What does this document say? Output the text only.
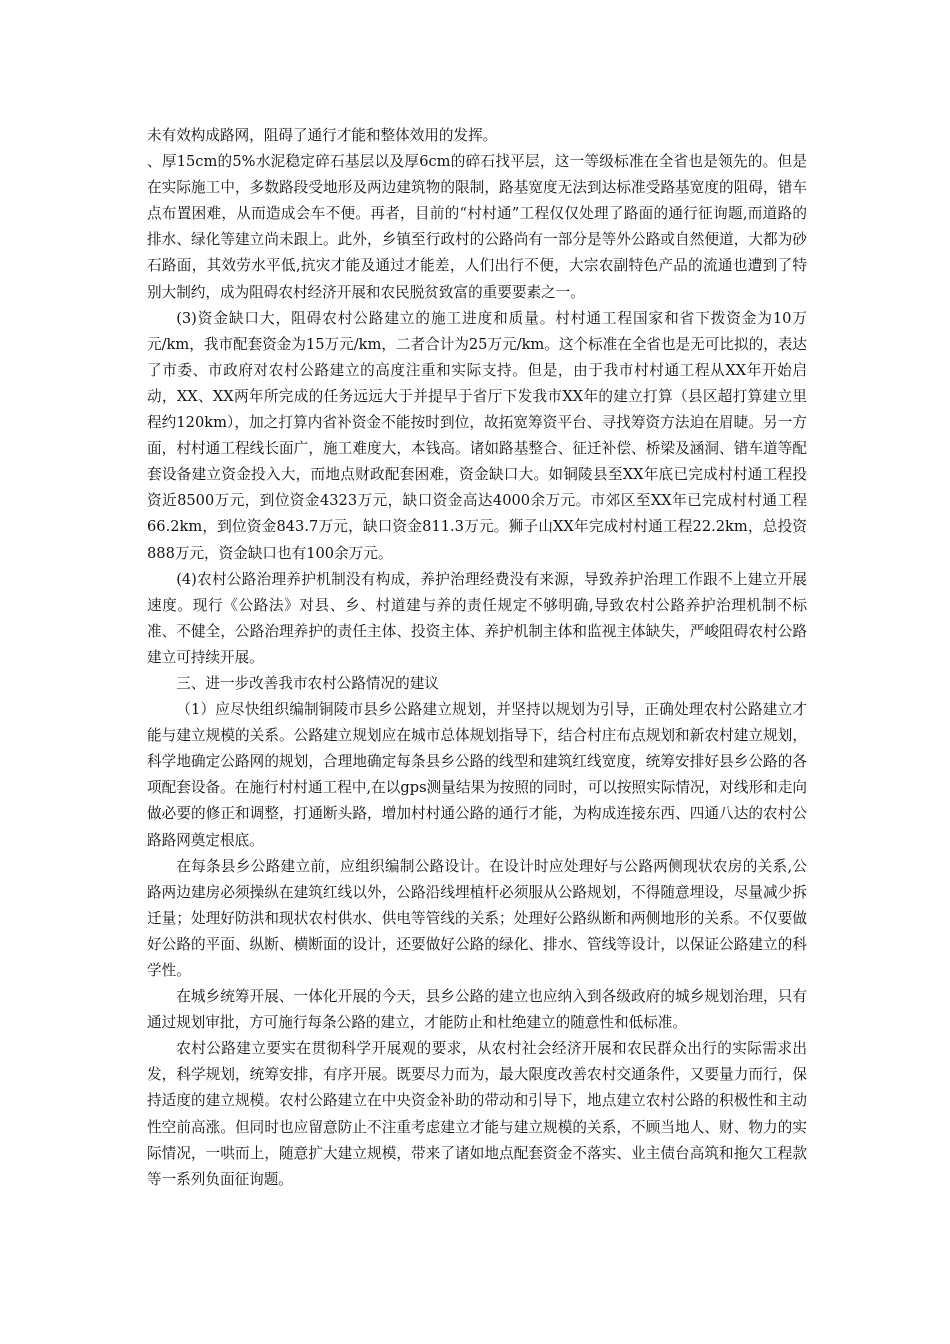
未有效构成路网，阻碍了通行才能和整体效用的发挥。

、厚15cm的5%水泥稳定碎石基层以及厚6cm的碎石找平层，这一等级标准在全省也是领先的。但是在实际施工中，多数路段受地形及两边建筑物的限制，路基宽度无法到达标准受路基宽度的阻碍，错车点布置困难，从而造成会车不便。再者，目前的“村村通”工程仅仅处理了路面的通行征询题,而道路的排水、绿化等建立尚未跟上。此外，乡镇至行政村的公路尚有一部分是等外公路或自然便道，大都为砂石路面，其效劳水平低,抗灾才能及通过才能差，人们出行不便，大宗农副特色产品的流通也遭到了特别大制约，成为阻碍农村经济开展和农民脱贫致富的重要要素之一。

(3)资金缺口大，阻碍农村公路建立的施工进度和质量。村村通工程国家和省下拨资金为10万元/km，我市配套资金为15万元/km，二者合计为25万元/km。这个标准在全省也是无可比拟的，表达了市委、市政府对农村公路建立的高度注重和实际支持。但是，由于我市村村通工程从XX年开始启动，XX、XX两年所完成的任务远远大于并提早于省厅下发我市XX年的建立打算（县区超打算建立里程约120km），加之打算内省补资金不能按时到位，故拓宽筹资平台、寻找筹资方法迫在眉睫。另一方面，村村通工程线长面广，施工难度大，本钱高。诸如路基整合、征迁补偿、桥梁及涵洞、错车道等配套设备建立资金投入大，而地点财政配套困难，资金缺口大。如铜陵县至XX年底已完成村村通工程投资近8500万元，到位资金4323万元，缺口资金高达4000余万元。市郊区至XX年已完成村村通工程66.2km，到位资金843.7万元，缺口资金811.3万元。狮子山XX年完成村村通工程22.2km，总投资888万元，资金缺口也有100余万元。

(4)农村公路治理养护机制没有构成，养护治理经费没有来源，导致养护治理工作跟不上建立开展速度。现行《公路法》对县、乡、村道建与养的责任规定不够明确,导致农村公路养护治理机制不标准、不健全，公路治理养护的责任主体、投资主体、养护机制主体和监视主体缺失，严峻阻碍农村公路建立可持续开展。

三、进一步改善我市农村公路情况的建议

（1）应尽快组织编制铜陵市县乡公路建立规划，并坚持以规划为引导，正确处理农村公路建立才能与建立规模的关系。公路建立规划应在城市总体规划指导下，结合村庄布点规划和新农村建立规划，科学地确定公路网的规划，合理地确定每条县乡公路的线型和建筑红线宽度，统筹安排好县乡公路的各项配套设备。在施行村村通工程中,在以gps测量结果为按照的同时，可以按照实际情况，对线形和走向做必要的修正和调整，打通断头路，增加村村通公路的通行才能，为构成连接东西、四通八达的农村公路路网奠定根底。

在每条县乡公路建立前，应组织编制公路设计。在设计时应处理好与公路两侧现状农房的关系,公路两边建房必须操纵在建筑红线以外，公路沿线埋植杆必须服从公路规划，不得随意埋设，尽量减少拆迁量；处理好防洪和现状农村供水、供电等管线的关系；处理好公路纵断和两侧地形的关系。不仅要做好公路的平面、纵断、横断面的设计，还要做好公路的绿化、排水、管线等设计，以保证公路建立的科学性。

在城乡统筹开展、一体化开展的今天，县乡公路的建立也应纳入到各级政府的城乡规划治理，只有通过规划审批，方可施行每条公路的建立，才能防止和杜绝建立的随意性和低标准。

农村公路建立要实在贯彻科学开展观的要求，从农村社会经济开展和农民群众出行的实际需求出发，科学规划，统筹安排，有序开展。既要尽力而为，最大限度改善农村交通条件，又要量力而行，保持适度的建立规模。农村公路建立在中央资金补助的带动和引导下，地点建立农村公路的积极性和主动性空前高涨。但同时也应留意防止不注重考虑建立才能与建立规模的关系，不顾当地人、财、物力的实际情况，一哄而上，随意扩大建立规模，带来了诸如地点配套资金不落实、业主债台高筑和拖欠工程款等一系列负面征询题。
